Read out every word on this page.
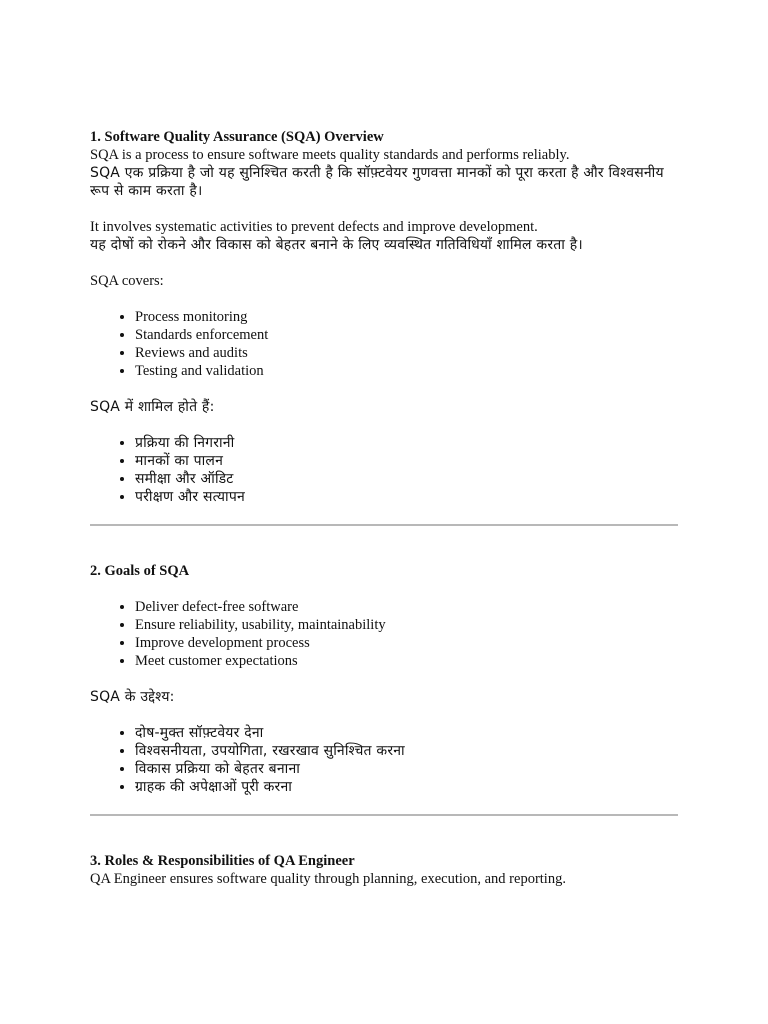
1. Software Quality Assurance (SQA) Overview

SQA is a process to ensure software meets quality standards and performs reliably.

SQA एक प्रक्रिया है जो यह सुनिश्चित करती है कि सॉफ़्टवेयर गुणवत्ता मानकों को पूरा करता है और विश्वसनीय रूप से काम करता है।

It involves systematic activities to prevent defects and improve development.

यह दोषों को रोकने और विकास को बेहतर बनाने के लिए व्यवस्थित गतिविधियाँ शामिल करता है।

SQA covers:

• Process monitoring
• Standards enforcement
• Reviews and audits
• Testing and validation

SQA में शामिल होते हैं:

• प्रक्रिया की निगरानी
• मानकों का पालन
• समीक्षा और ऑडिट
• परीक्षण और सत्यापन

2. Goals of SQA

• Deliver defect-free software
• Ensure reliability, usability, maintainability
• Improve development process
• Meet customer expectations

SQA के उद्देश्य:

• दोष-मुक्त सॉफ़्टवेयर देना
• विश्वसनीयता, उपयोगिता, रखरखाव सुनिश्चित करना
• विकास प्रक्रिया को बेहतर बनाना
• ग्राहक की अपेक्षाओं पूरी करना

3. Roles & Responsibilities of QA Engineer

QA Engineer ensures software quality through planning, execution, and reporting.
